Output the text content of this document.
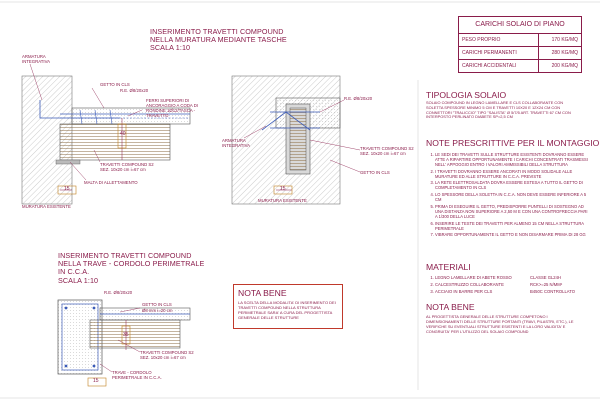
INSERIMENTO TRAVETTI COMPOUND NELLA MURATURA MEDIANTE TASCHE
SCALA 1:10
ARMATURA INTEGRATIVA
GETTO IN CLS
R.E. Ø8/20x20
FERRI SUPERIORI DI ANCORAGGIO A CODA DI RONDINE 1Ø12/TASCA - TRAVETTO
TRAVETTI COMPOUND S2 SEZ. 10x20 cm i=67 cm
MALTA DI ALLETTAMENTO
MURATURA ESISTENTE
40
15
R.E. Ø8/20x20
ARMATURA INTEGRATIVA
TRAVETTI COMPOUND S2 SEZ. 10x20 cm i=67 cm
GETTO IN CLS
MURATURA ESISTENTE
15
INSERIMENTO TRAVETTI COMPOUND NELLA TRAVE - CORDOLO PERIMETRALE IN C.C.A.
SCALA 1:10
GETTO IN CLS
R.E. Ø8/20x20
Ø8 mm i=20 cm
TRAVETTI COMPOUND S2 SEZ. 10x20 cm i=67 cm
TRAVE - CORDOLO PERIMETRALE IN C.C.A.
35
15
NOTA BENE
LA SCELTA DELLA MODALITA' DI INSERIMENTO DEI TRAVETTI COMPOUND NELLA STRUTTURA PERIMETRALE SARA' A CURA DEL PROGETTISTA GENERALE DELLE STRUTTURE
CARICHI SOLAIO DI PIANO
PESO PROPRIO	170 KG/MQ
CARICHI PERMANENTI	280 KG/MQ
CARICHI ACCIDENTALI	200 KG/MQ
TIPOLOGIA SOLAIO
SOLAIO COMPOUND IN LEGNO LAMELLARE E CLS COLLABORANTE CON SOLETTA SPESSORE MINIMO 5 CM E TRAVETTI 10X20 E 12X24 CM CON CONNETTORI "TRALICCIO" TIPO "SALISTA" Ø 5/7/5 ART. TRAVETTI 67 CM CON INTERPOSTO PERLINATO DIABETE SP=2,5 CM
NOTE PRESCRITTIVE PER IL MONTAGGIO
1. LE SEDI DEI TRAVETTI SULLE STRUTTURE ESISTENTI DOVRANNO ESSERE ATTE A RIPARTIRE OPPORTUNAMENTE I CARICHI CONCENTRATI TRASMESSI NELL' APPOGGIO ENTRO I VALORI AMMISSIBILI DELLA STRUTTURA
2. I TRAVETTI DOVRANNO ESSERE ANCORATI IN MODO SOLIDALE ALLE MURATURE ED ALLE STRUTTURE IN C.C.A. PREVISTE
3. LA RETE ELETTROSALDATA DOVRA ESSERE ESTESA A TUTTO IL GETTO DI COMPLETAMENTO IN CLS
4. LO SPESSORE DELLA SOLETTA IN C.C.A. NON DEVE ESSERE INFERIORE A 5 CM
5. PRIMA DI ESEGUIRE IL GETTO, PREDISPORRE PUNTELLI DI SOSTEGNO AD UNA DISTANZA NON SUPERIORE A 2,50 M E CON UNA CONTROFRECCIA PARI A 1/300 DELLA LUCE
6. INSERIRE LE TESTE DEI TRAVETTI PER ALMENO 15 CM NELLA STRUTTURA PERIMETRALE
7. VIBRARE OPPORTUNAMENTE IL GETTO E NON DISARMARE PRIMA DI 28 GG
MATERIALI
1. LEGNO LAMELLARE DI ABETE ROSSO	CLASSE GL24H
2. CALCESTRUZZO COLLABORANTE	RCK>=25 N/MM²
3. ACCIAIO IN BARRE PER CLS	B450C CONTROLLATO
NOTA BENE
AL PROGETTISTA GENERALE DELLE STRUTTURE COMPETONO I DIMENSIONAMENTI DELLE STRUTTURE PORTANTI (TRAVI, PILASTRI, ETC.), LE VERIFICHE SU EVENTUALI STRUTTURE ESISTENTI E LA LORO VALIDITA' E CONGRUITA' PER L'UTILIZZO DEL SOLAIO COMPOUND
